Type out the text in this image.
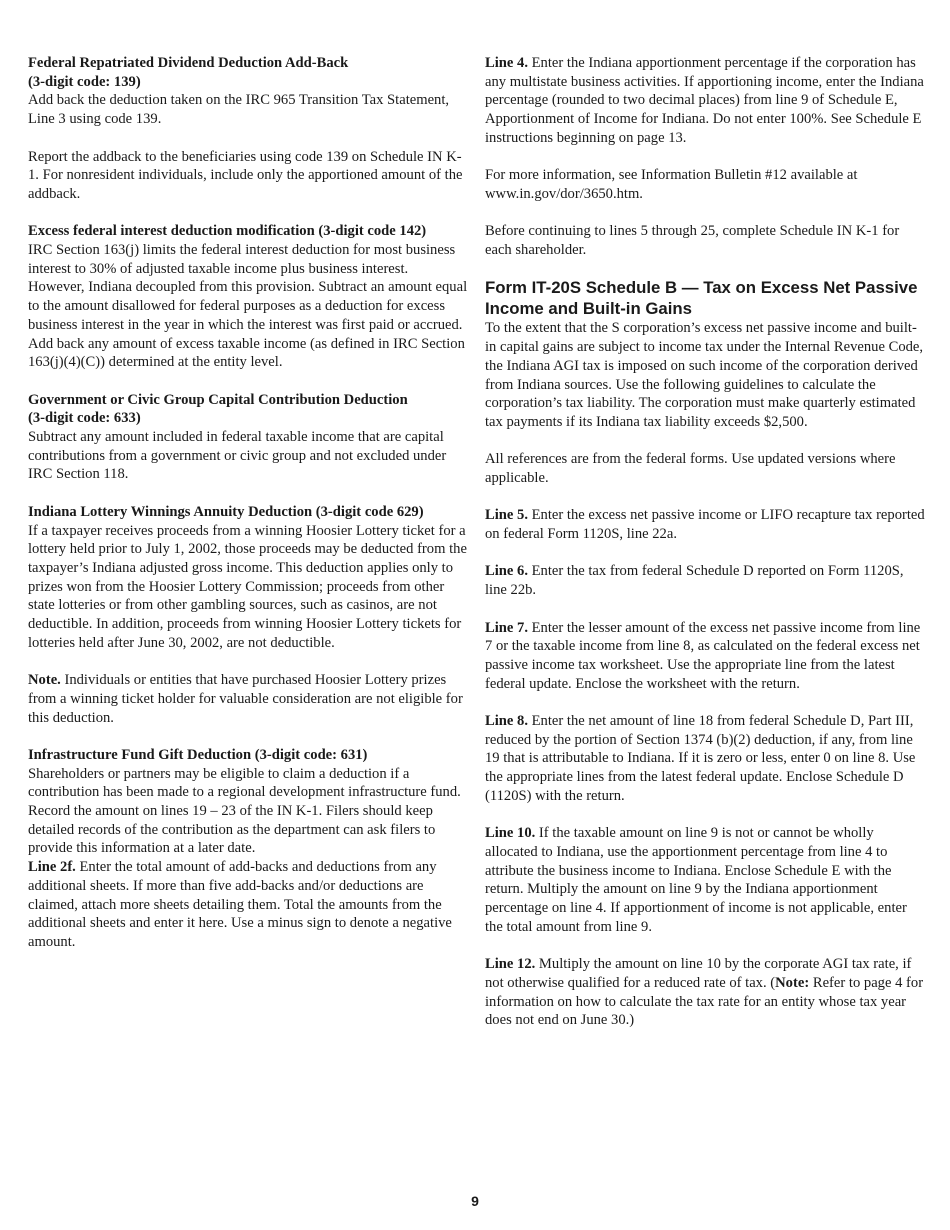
Federal Repatriated Dividend Deduction Add-Back
(3-digit code: 139)

Add back the deduction taken on the IRC 965 Transition Tax Statement, Line 3 using code 139.

Report the addback to the beneficiaries using code 139 on Schedule IN K-1. For nonresident individuals, include only the apportioned amount of the addback.

Excess federal interest deduction modification (3-digit code 142)

IRC Section 163(j) limits the federal interest deduction for most business interest to 30% of adjusted taxable income plus business interest. However, Indiana decoupled from this provision. Subtract an amount equal to the amount disallowed for federal purposes as a deduction for excess business interest in the year in which the interest was first paid or accrued. Add back any amount of excess taxable income (as defined in IRC Section 163(j)(4)(C)) determined at the entity level.

Government or Civic Group Capital Contribution Deduction
(3-digit code: 633)

Subtract any amount included in federal taxable income that are capital contributions from a government or civic group and not excluded under IRC Section 118.

Indiana Lottery Winnings Annuity Deduction (3-digit code 629)

If a taxpayer receives proceeds from a winning Hoosier Lottery ticket for a lottery held prior to July 1, 2002, those proceeds may be deducted from the taxpayer’s Indiana adjusted gross income. This deduction applies only to prizes won from the Hoosier Lottery Commission; proceeds from other state lotteries or from other gambling sources, such as casinos, are not deductible. In addition, proceeds from winning Hoosier Lottery tickets for lotteries held after June 30, 2002, are not deductible.

Note. Individuals or entities that have purchased Hoosier Lottery prizes from a winning ticket holder for valuable consideration are not eligible for this deduction.

Infrastructure Fund Gift Deduction (3-digit code: 631)

Shareholders or partners may be eligible to claim a deduction if a contribution has been made to a regional development infrastructure fund. Record the amount on lines 19 – 23 of the IN K-1. Filers should keep detailed records of the contribution as the department can ask filers to provide this information at a later date.

Line 2f. Enter the total amount of add-backs and deductions from any additional sheets. If more than five add-backs and/or deductions are claimed, attach more sheets detailing them. Total the amounts from the additional sheets and enter it here. Use a minus sign to denote a negative amount.

Line 4. Enter the Indiana apportionment percentage if the corporation has any multistate business activities. If apportioning income, enter the Indiana percentage (rounded to two decimal places) from line 9 of Schedule E, Apportionment of Income for Indiana. Do not enter 100%. See Schedule E instructions beginning on page 13.

For more information, see Information Bulletin #12 available at www.in.gov/dor/3650.htm.

Before continuing to lines 5 through 25, complete Schedule IN K-1 for each shareholder.

Form IT-20S Schedule B — Tax on Excess Net Passive Income and Built-in Gains

To the extent that the S corporation’s excess net passive income and built-in capital gains are subject to income tax under the Internal Revenue Code, the Indiana AGI tax is imposed on such income of the corporation derived from Indiana sources. Use the following guidelines to calculate the corporation’s tax liability. The corporation must make quarterly estimated tax payments if its Indiana tax liability exceeds $2,500.

All references are from the federal forms. Use updated versions where applicable.

Line 5. Enter the excess net passive income or LIFO recapture tax reported on federal Form 1120S, line 22a.

Line 6. Enter the tax from federal Schedule D reported on Form 1120S, line 22b.

Line 7. Enter the lesser amount of the excess net passive income from line 7 or the taxable income from line 8, as calculated on the federal excess net passive income tax worksheet. Use the appropriate line from the latest federal update. Enclose the worksheet with the return.

Line 8. Enter the net amount of line 18 from federal Schedule D, Part III, reduced by the portion of Section 1374 (b)(2) deduction, if any, from line 19 that is attributable to Indiana. If it is zero or less, enter 0 on line 8. Use the appropriate lines from the latest federal update. Enclose Schedule D (1120S) with the return.

Line 10. If the taxable amount on line 9 is not or cannot be wholly allocated to Indiana, use the apportionment percentage from line 4 to attribute the business income to Indiana. Enclose Schedule E with the return. Multiply the amount on line 9 by the Indiana apportionment percentage on line 4. If apportionment of income is not applicable, enter the total amount from line 9.

Line 12. Multiply the amount on line 10 by the corporate AGI tax rate, if not otherwise qualified for a reduced rate of tax. (Note: Refer to page 4 for information on how to calculate the tax rate for an entity whose tax year does not end on June 30.)

9
